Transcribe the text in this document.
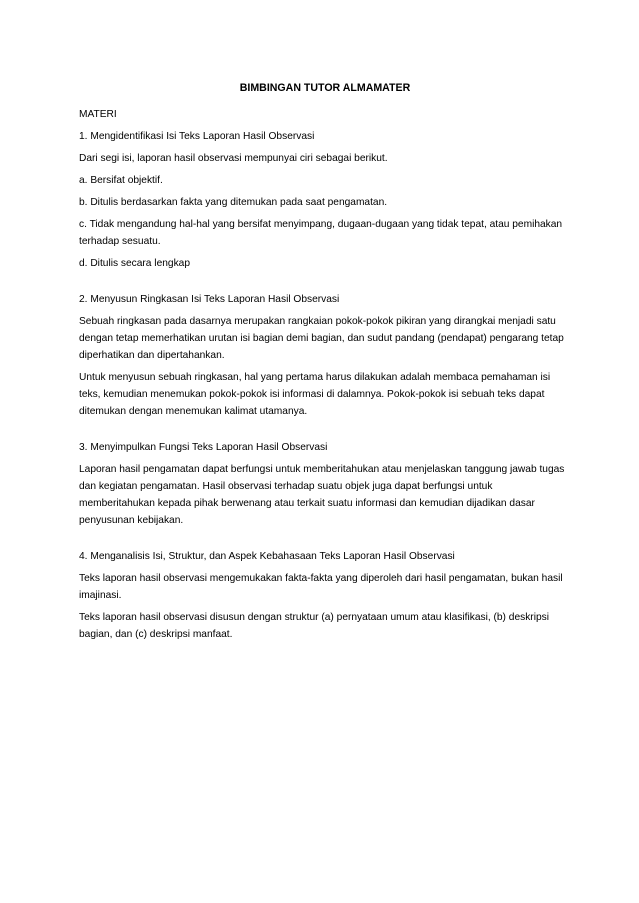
BIMBINGAN TUTOR ALMAMATER
MATERI
1. Mengidentifikasi Isi Teks Laporan Hasil Observasi
Dari segi isi, laporan hasil observasi mempunyai ciri sebagai berikut.
a. Bersifat objektif.
b. Ditulis berdasarkan fakta yang ditemukan pada saat pengamatan.
c. Tidak mengandung hal-hal yang bersifat menyimpang, dugaan-dugaan yang tidak tepat, atau pemihakan terhadap sesuatu.
d. Ditulis secara lengkap
2. Menyusun Ringkasan Isi Teks Laporan Hasil Observasi
Sebuah ringkasan pada dasarnya merupakan rangkaian pokok-pokok pikiran yang dirangkai menjadi satu dengan tetap memerhatikan urutan isi bagian demi bagian, dan sudut pandang (pendapat) pengarang tetap diperhatikan dan dipertahankan.
Untuk menyusun sebuah ringkasan, hal yang pertama harus dilakukan adalah membaca pemahaman isi teks, kemudian menemukan pokok-pokok isi informasi di dalamnya. Pokok-pokok isi sebuah teks dapat ditemukan dengan menemukan kalimat utamanya.
3. Menyimpulkan Fungsi Teks Laporan Hasil Observasi
Laporan hasil pengamatan dapat berfungsi untuk memberitahukan atau menjelaskan tanggung jawab tugas dan kegiatan pengamatan. Hasil observasi terhadap suatu objek juga dapat berfungsi untuk memberitahukan kepada pihak berwenang atau terkait suatu informasi dan kemudian dijadikan dasar penyusunan kebijakan.
4. Menganalisis Isi, Struktur, dan Aspek Kebahasaan Teks Laporan Hasil Observasi
Teks laporan hasil observasi mengemukakan fakta-fakta yang diperoleh dari hasil pengamatan, bukan hasil imajinasi.
Teks laporan hasil observasi disusun dengan struktur (a) pernyataan umum atau klasifikasi, (b) deskripsi bagian, dan (c) deskripsi manfaat.
